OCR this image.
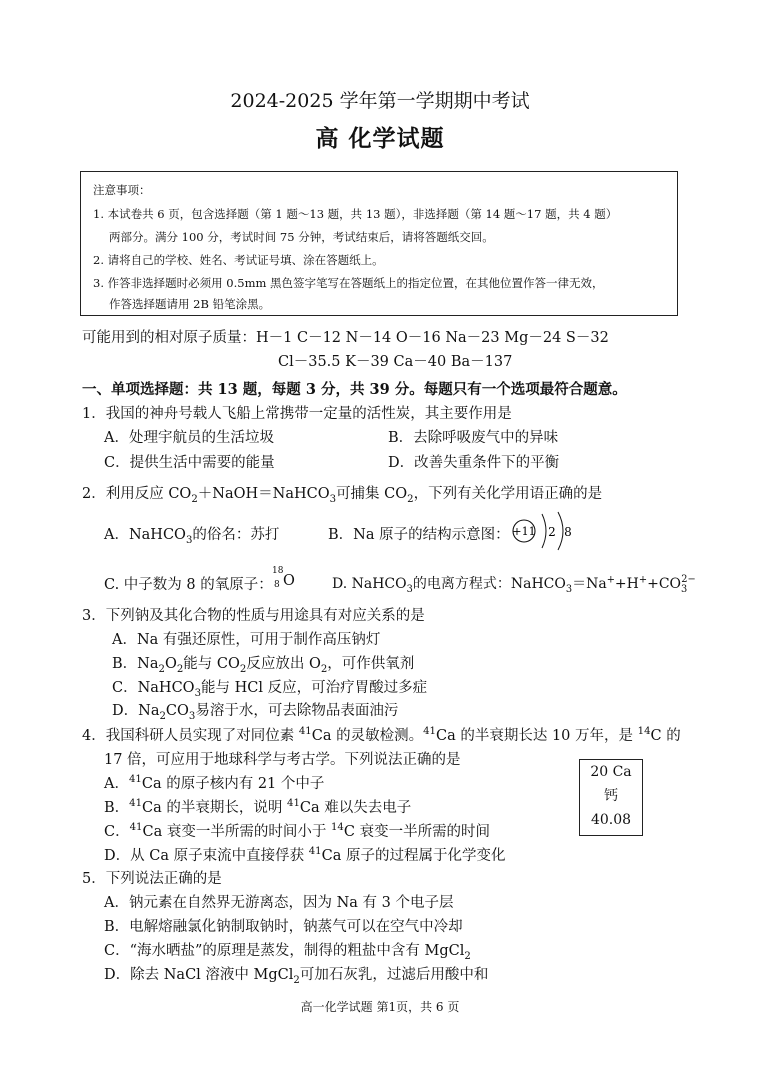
2024-2025 学年第一学期期中考试
高 化学试题
注意事项：
1. 本试卷共 6 页，包含选择题（第 1 题～13 题，共 13 题），非选择题（第 14 题～17 题，共 4 题）
两部分。满分 100 分，考试时间 75 分钟，考试结束后，请将答题纸交回。
2. 请将自己的学校、姓名、考试证号填、涂在答题纸上。
3. 作答非选择题时必须用 0.5mm 黑色签字笔写在答题纸上的指定位置，在其他位置作答一律无效，
作答选择题请用 2B 铅笔涂黑。
可能用到的相对原子质量：H－1 C－12 N－14 O－16 Na－23 Mg－24 S－32
Cl－35.5 K－39 Ca－40 Ba－137
一、单项选择题：共 13 题，每题 3 分，共 39 分。每题只有一个选项最符合题意。
1．我国的神舟号载人飞船上常携带一定量的活性炭，其主要作用是
A．处理宇航员的生活垃圾	B．去除呼吸废气中的异味
C．提供生活中需要的能量	D．改善失重条件下的平衡
2．利用反应 $CO_2+NaOH=NaHCO_3$可捕集 $CO_2$，下列有关化学用语正确的是
A．NaHCO$_3$的俗名：苏打	B．Na 原子的结构示意图： +11 2 8
C. 中子数为 8 的氧原子：
18
8 O	D. NaHCO$_3$的电离方程式：$NaHCO_3=Na^++H^++CO_3^{2-}$
3．下列钠及其化合物的性质与用途具有对应关系的是
A．Na 有强还原性，可用于制作高压钠灯
B．$Na_2O_2$能与 $CO_2$反应放出 $O_2$，可作供氧剂
C．NaHCO$_3$能与 HCl 反应，可治疗胃酸过多症
D．$Na_2CO_3$易溶于水，可去除物品表面油污
4．我国科研人员实现了对同位素 $^{41}$Ca 的灵敏检测。$^{41}$Ca 的半衰期长达 10 万年，是 $^{14}$C 的
17 倍，可应用于地球科学与考古学。下列说法正确的是
A．$^{41}$Ca 的原子核内有 21 个中子
B．$^{41}$Ca 的半衰期长，说明 $^{41}$Ca 难以失去电子
C．$^{41}$Ca 衰变一半所需的时间小于 $^{14}$C 衰变一半所需的时间
D．从 Ca 原子束流中直接俘获 $^{41}$Ca 原子的过程属于化学变化
20 Ca
钙
40.08
5．下列说法正确的是
A．钠元素在自然界无游离态，因为 Na 有 3 个电子层
B．电解熔融氯化钠制取钠时，钠蒸气可以在空气中冷却
C．“海水晒盐”的原理是蒸发，制得的粗盐中含有 MgCl$_2$
D．除去 NaCl 溶液中 MgCl$_2$可加石灰乳，过滤后用酸中和
高一化学试题 第1页，共 6 页
